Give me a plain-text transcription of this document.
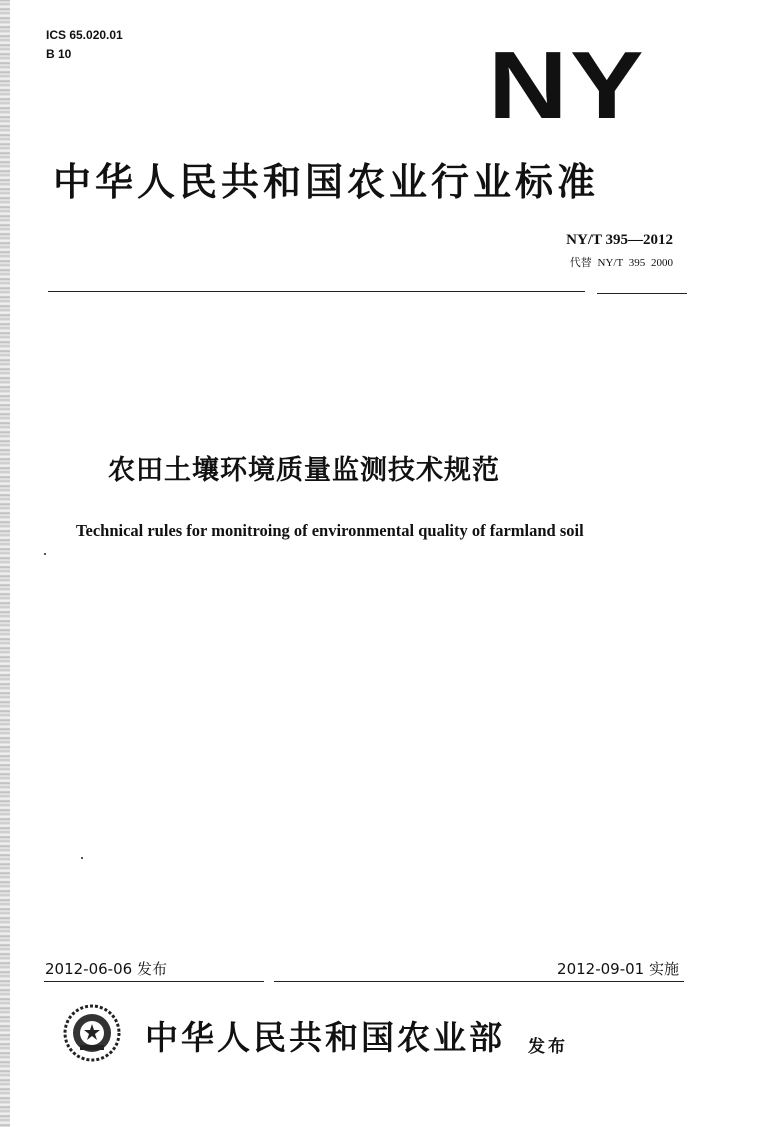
ICS 65.020.01
B 10	NY
中华人民共和国农业行业标准
NY/T 395—2012
代替 NY/T 395 2000
农田土壤环境质量监测技术规范
Technical rules for monitroing of environmental quality of farmland soil
2012-06-06 发布	2012-09-01 实施
中华人民共和国农业部 发布
